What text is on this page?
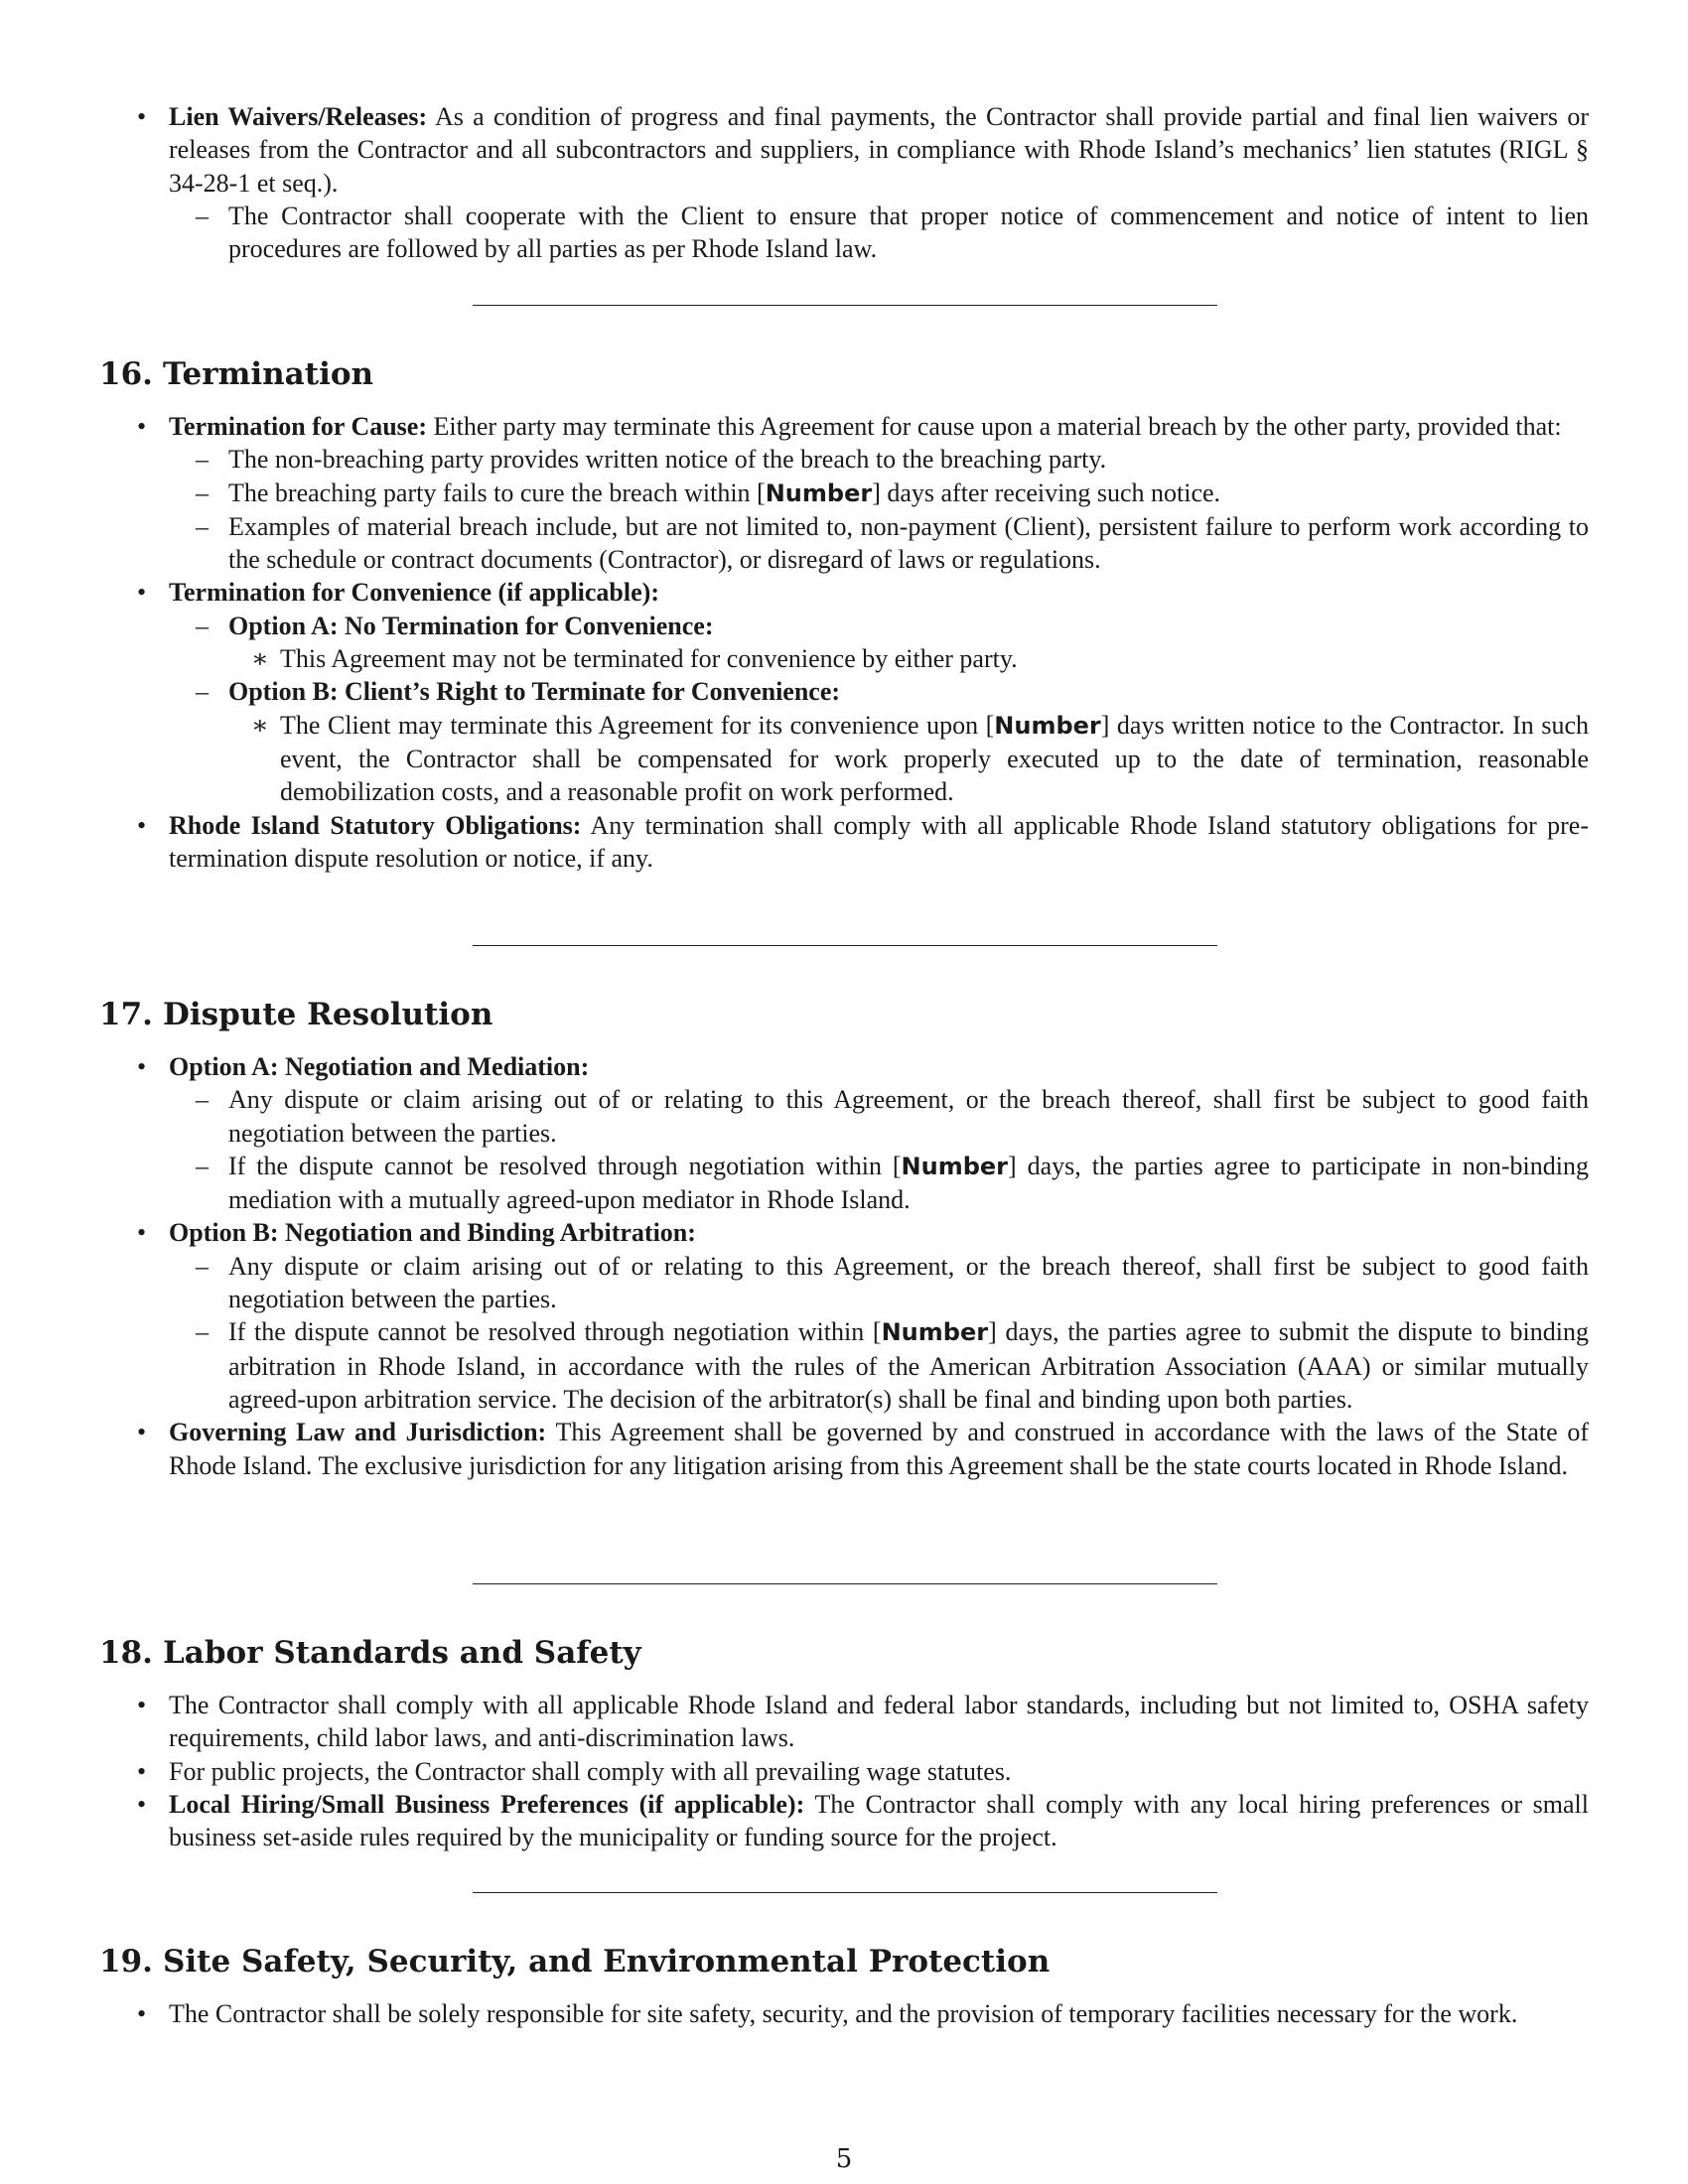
• Lien Waivers/Releases: As a condition of progress and final payments, the Contractor shall provide partial and final lien waivers or releases from the Contractor and all subcontractors and suppliers, in compliance with Rhode Island’s mechanics’ lien statutes (RIGL § 34-28-1 et seq.).
– The Contractor shall cooperate with the Client to ensure that proper notice of commencement and notice of intent to lien procedures are followed by all parties as per Rhode Island law.
16. Termination
• Termination for Cause: Either party may terminate this Agreement for cause upon a material breach by the other party, provided that:
– The non-breaching party provides written notice of the breach to the breaching party.
– The breaching party fails to cure the breach within [Number] days after receiving such notice.
– Examples of material breach include, but are not limited to, non-payment (Client), persistent failure to perform work according to the schedule or contract documents (Contractor), or disregard of laws or regulations.
• Termination for Convenience (if applicable):
– Option A: No Termination for Convenience:
∗ This Agreement may not be terminated for convenience by either party.
– Option B: Client’s Right to Terminate for Convenience:
∗ The Client may terminate this Agreement for its convenience upon [Number] days written notice to the Contractor. In such event, the Contractor shall be compensated for work properly executed up to the date of termination, reasonable demobilization costs, and a reasonable profit on work performed.
• Rhode Island Statutory Obligations: Any termination shall comply with all applicable Rhode Island statutory obligations for pre-termination dispute resolution or notice, if any.
17. Dispute Resolution
• Option A: Negotiation and Mediation:
– Any dispute or claim arising out of or relating to this Agreement, or the breach thereof, shall first be subject to good faith negotiation between the parties.
– If the dispute cannot be resolved through negotiation within [Number] days, the parties agree to participate in non-binding mediation with a mutually agreed-upon mediator in Rhode Island.
• Option B: Negotiation and Binding Arbitration:
– Any dispute or claim arising out of or relating to this Agreement, or the breach thereof, shall first be subject to good faith negotiation between the parties.
– If the dispute cannot be resolved through negotiation within [Number] days, the parties agree to submit the dispute to binding arbitration in Rhode Island, in accordance with the rules of the American Arbitration Association (AAA) or similar mutually agreed-upon arbitration service. The decision of the arbitrator(s) shall be final and binding upon both parties.
• Governing Law and Jurisdiction: This Agreement shall be governed by and construed in accordance with the laws of the State of Rhode Island. The exclusive jurisdiction for any litigation arising from this Agreement shall be the state courts located in Rhode Island.
18. Labor Standards and Safety
• The Contractor shall comply with all applicable Rhode Island and federal labor standards, including but not limited to, OSHA safety requirements, child labor laws, and anti-discrimination laws.
• For public projects, the Contractor shall comply with all prevailing wage statutes.
• Local Hiring/Small Business Preferences (if applicable): The Contractor shall comply with any local hiring preferences or small business set-aside rules required by the municipality or funding source for the project.
19. Site Safety, Security, and Environmental Protection
• The Contractor shall be solely responsible for site safety, security, and the provision of temporary facilities necessary for the work.
5
